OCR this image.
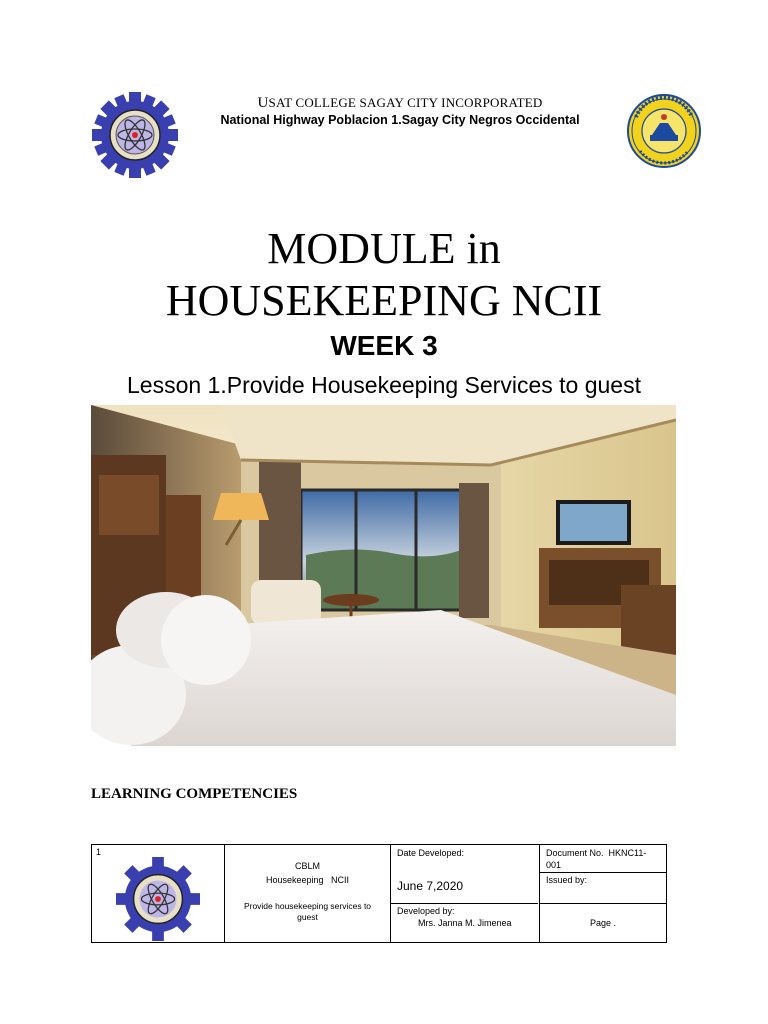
USAT COLLEGE SAGAY CITY INCORPORATED
National Highway Poblacion 1.Sagay City Negros Occidental
MODULE in
HOUSEKEEPING NCII
WEEK 3
Lesson 1.Provide Housekeeping Services to guest
LEARNING COMPETENCIES
1
CBLM
Housekeeping   NCII
Provide housekeeping services to guest
Date Developed:
June 7,2020
Developed by:
Mrs. Janna M. Jimenea
Document No.  HKNC11-
001
Issued by:
Page .
